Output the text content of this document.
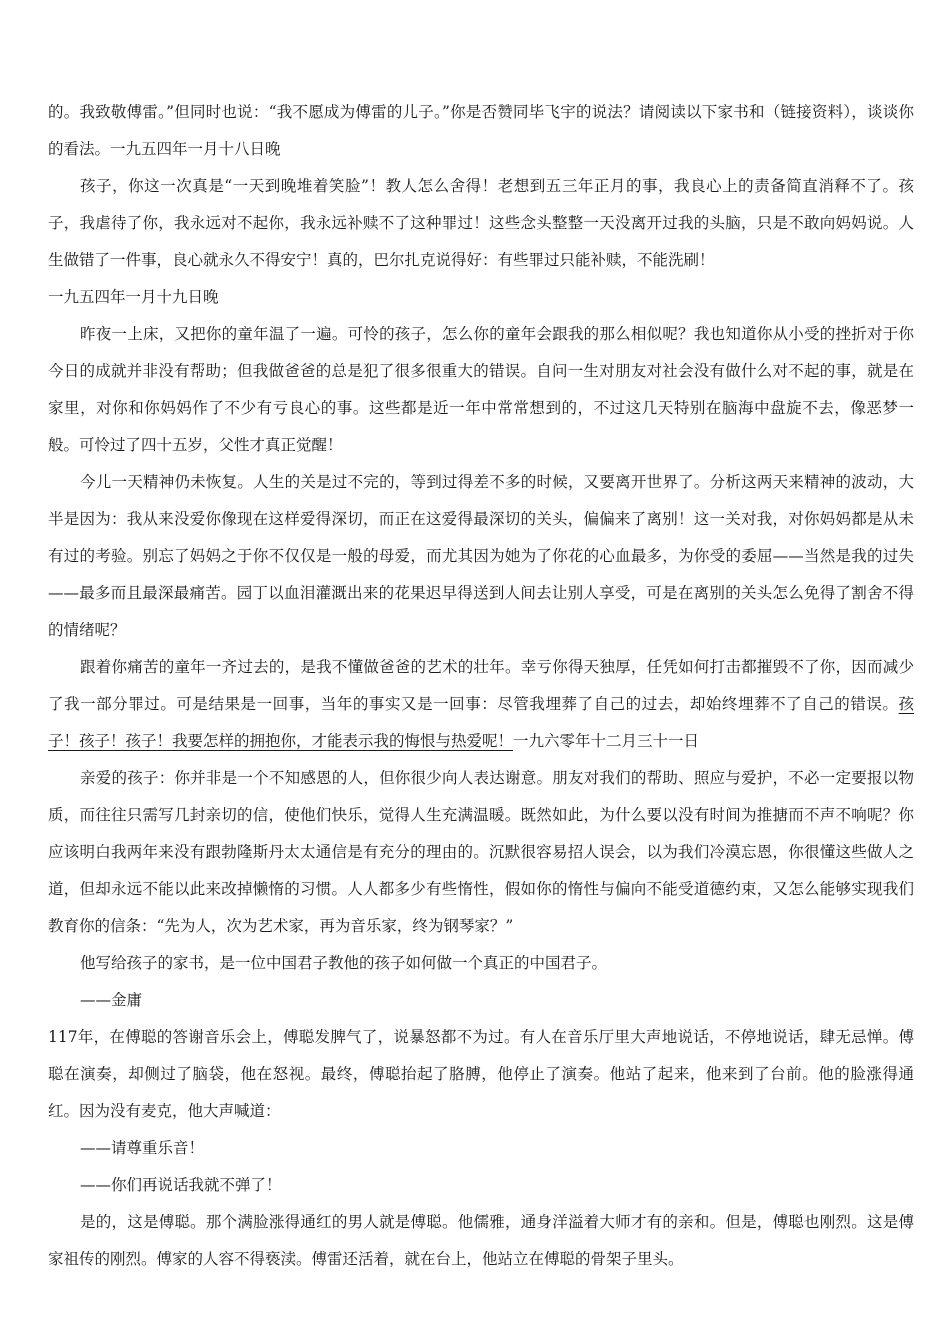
的。我致敬傅雷。”但同时也说：“我不愿成为傅雷的儿子。”你是否赞同毕飞宇的说法？请阅读以下家书和（链接资料），谈谈你的看法。一九五四年一月十八日晚

孩子，你这一次真是“一天到晚堆着笑脸”！教人怎么舍得！老想到五三年正月的事，我良心上的责备简直消释不了。孩子，我虐待了你，我永远对不起你，我永远补赎不了这种罪过！这些念头整整一天没离开过我的头脑，只是不敢向妈妈说。人生做错了一件事，良心就永久不得安宁！真的，巴尔扎克说得好：有些罪过只能补赎，不能洗刷！

一九五四年一月十九日晚

昨夜一上床，又把你的童年温了一遍。可怜的孩子，怎么你的童年会跟我的那么相似呢？我也知道你从小受的挫折对于你今日的成就并非没有帮助；但我做爸爸的总是犯了很多很重大的错误。自问一生对朋友对社会没有做什么对不起的事，就是在家里，对你和你妈妈作了不少有亏良心的事。这些都是近一年中常常想到的，不过这几天特别在脑海中盘旋不去，像恶梦一般。可怜过了四十五岁，父性才真正觉醒！

今儿一天精神仍未恢复。人生的关是过不完的，等到过得差不多的时候，又要离开世界了。分析这两天来精神的波动，大半是因为：我从来没爱你像现在这样爱得深切，而正在这爱得最深切的关头，偏偏来了离别！这一关对我，对你妈妈都是从未有过的考验。别忘了妈妈之于你不仅仅是一般的母爱，而尤其因为她为了你花的心血最多，为你受的委屈——当然是我的过失——最多而且最深最痛苦。园丁以血泪灌溉出来的花果迟早得送到人间去让别人享受，可是在离别的关头怎么免得了割舍不得的情绪呢？

跟着你痛苦的童年一齐过去的，是我不懂做爸爸的艺术的壮年。幸亏你得天独厚，任凭如何打击都摧毁不了你，因而减少了我一部分罪过。可是结果是一回事，当年的事实又是一回事：尽管我埋葬了自己的过去，却始终埋葬不了自己的错误。孩子！孩子！孩子！我要怎样的拥抱你，才能表示我的悔恨与热爱呢！一九六零年十二月三十一日

亲爱的孩子：你并非是一个不知感恩的人，但你很少向人表达谢意。朋友对我们的帮助、照应与爱护，不必一定要报以物质，而往往只需写几封亲切的信，使他们快乐，觉得人生充满温暖。既然如此，为什么要以没有时间为推搪而不声不响呢？你应该明白我两年来没有跟勃隆斯丹太太通信是有充分的理由的。沉默很容易招人误会，以为我们冷漠忘恩，你很懂这些做人之道，但却永远不能以此来改掉懒惰的习惯。人人都多少有些惰性，假如你的惰性与偏向不能受道德约束，又怎么能够实现我们教育你的信条：“先为人，次为艺术家，再为音乐家，终为钢琴家？”

他写给孩子的家书，是一位中国君子教他的孩子如何做一个真正的中国君子。

——金庸

117年，在傅聪的答谢音乐会上，傅聪发脾气了，说暴怒都不为过。有人在音乐厅里大声地说话，不停地说话，肆无忌惮。傅聪在演奏，却侧过了脑袋，他在怒视。最终，傅聪抬起了胳膊，他停止了演奏。他站了起来，他来到了台前。他的脸涨得通红。因为没有麦克，他大声喊道：

——请尊重乐音！

——你们再说话我就不弹了！

是的，这是傅聪。那个满脸涨得通红的男人就是傅聪。他儒雅，通身洋溢着大师才有的亲和。但是，傅聪也刚烈。这是傅家祖传的刚烈。傅家的人容不得亵渎。傅雷还活着，就在台上，他站立在傅聪的骨架子里头。
